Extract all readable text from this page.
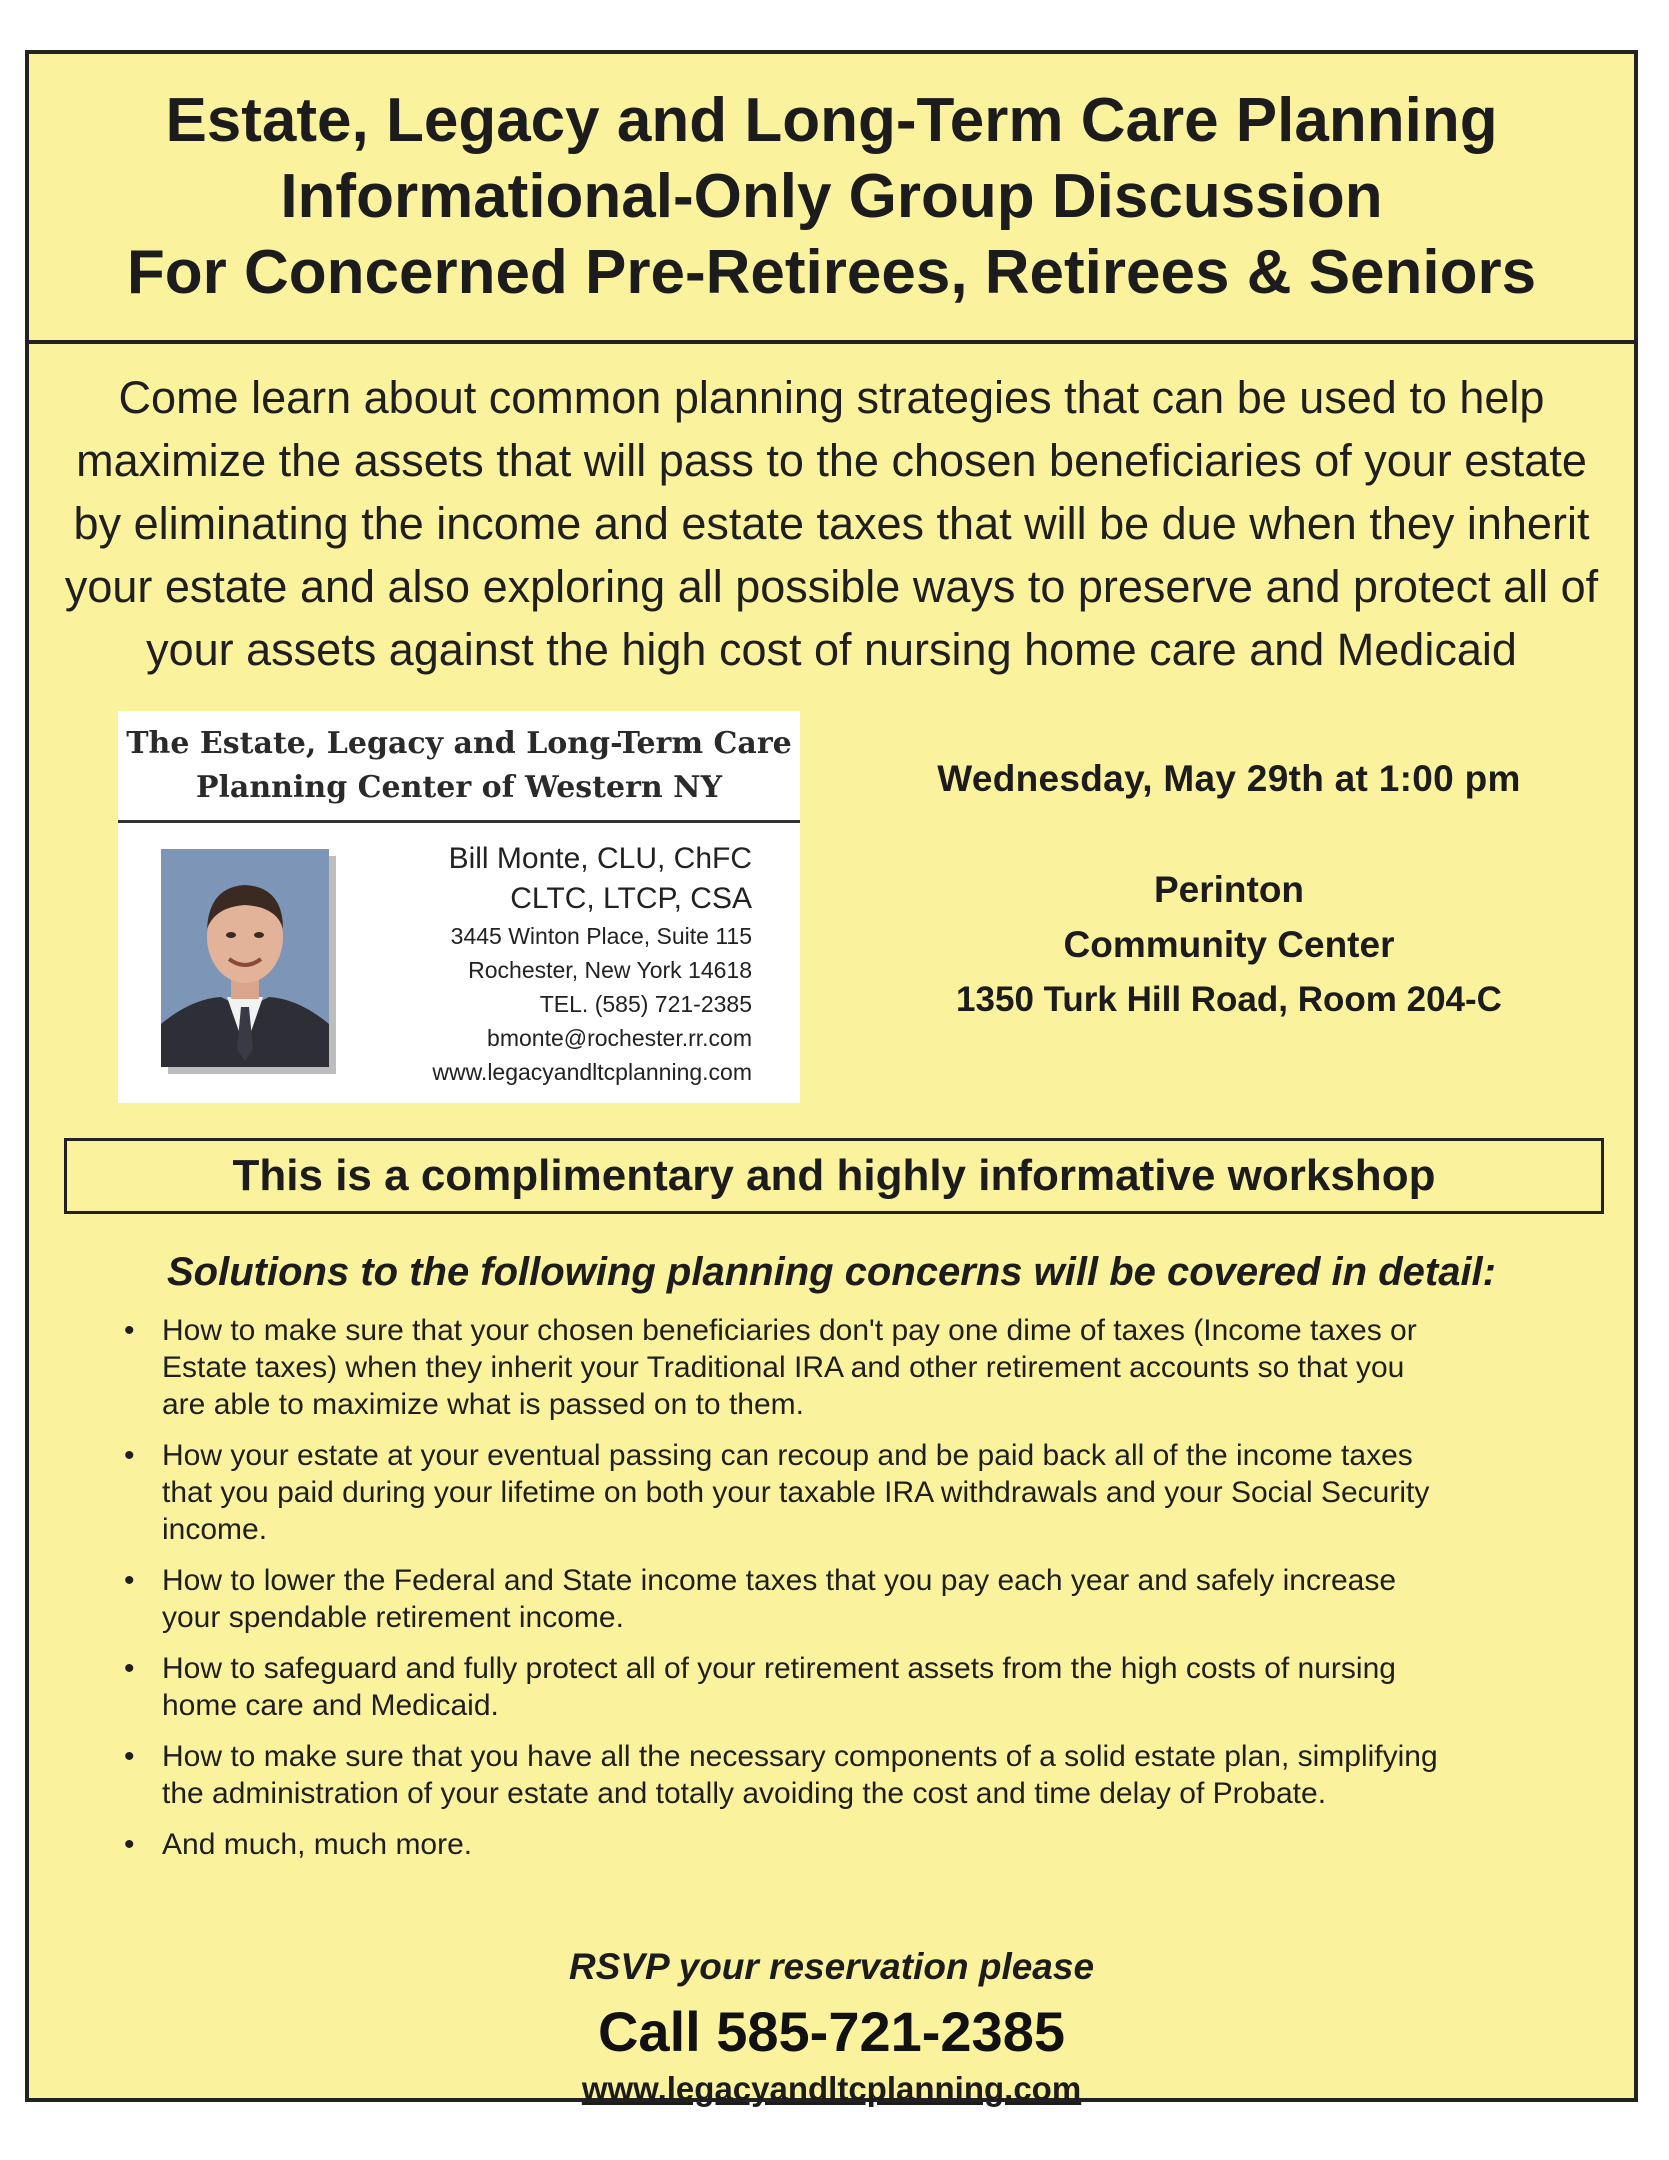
Estate, Legacy and Long-Term Care Planning
Informational-Only Group Discussion
For Concerned Pre-Retirees, Retirees & Seniors
Come learn about common planning strategies that can be used to help
maximize the assets that will pass to the chosen beneficiaries of your estate
by eliminating the income and estate taxes that will be due when they inherit
your estate and also exploring all possible ways to preserve and protect all of
your assets against the high cost of nursing home care and Medicaid
The Estate, Legacy and Long-Term Care
Planning Center of Western NY
Bill Monte, CLU, ChFC
CLTC, LTCP, CSA
3445 Winton Place, Suite 115
Rochester, New York 14618
TEL. (585) 721-2385
bmonte@rochester.rr.com
www.legacyandltcplanning.com
Wednesday, May 29th at 1:00 pm
Perinton
Community Center
1350 Turk Hill Road, Room 204-C
This is a complimentary and highly informative workshop
Solutions to the following planning concerns will be covered in detail:
• How to make sure that your chosen beneficiaries don't pay one dime of taxes (Income taxes or
Estate taxes) when they inherit your Traditional IRA and other retirement accounts so that you
are able to maximize what is passed on to them.
• How your estate at your eventual passing can recoup and be paid back all of the income taxes
that you paid during your lifetime on both your taxable IRA withdrawals and your Social Security
income.
• How to lower the Federal and State income taxes that you pay each year and safely increase
your spendable retirement income.
• How to safeguard and fully protect all of your retirement assets from the high costs of nursing
home care and Medicaid.
• How to make sure that you have all the necessary components of a solid estate plan, simplifying
the administration of your estate and totally avoiding the cost and time delay of Probate.
• And much, much more.
RSVP your reservation please
Call 585-721-2385
www.legacyandltcplanning.com
